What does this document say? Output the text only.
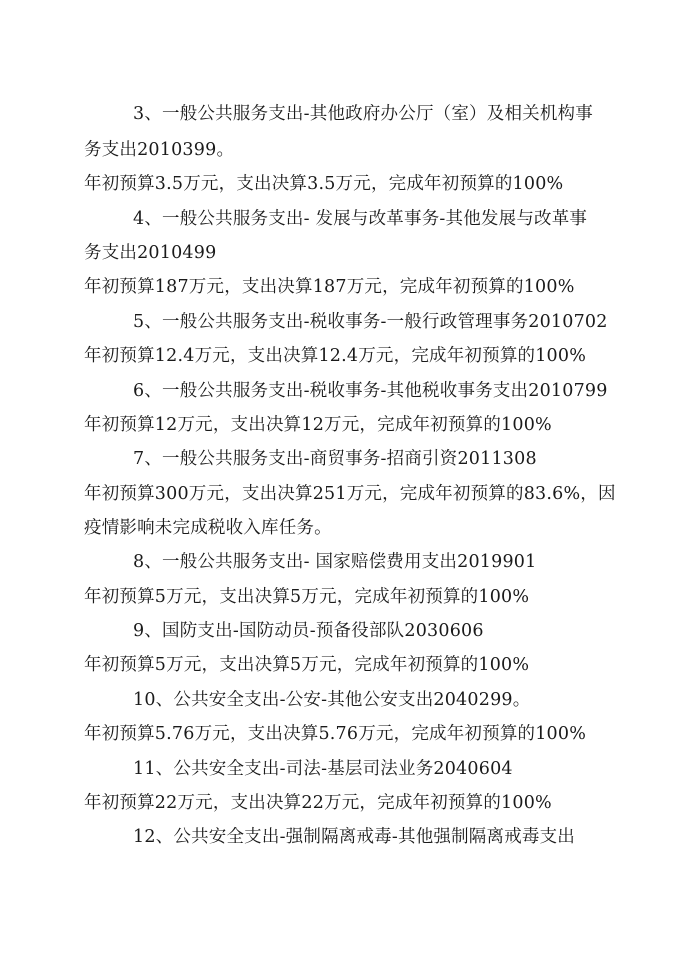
3、一般公共服务支出-其他政府办公厅（室）及相关机构事
务支出2010399。
年初预算3.5万元，支出决算3.5万元，完成年初预算的100%
4、一般公共服务支出- 发展与改革事务-其他发展与改革事
务支出2010499
年初预算187万元，支出决算187万元，完成年初预算的100%
5、一般公共服务支出-税收事务-一般行政管理事务2010702
年初预算12.4万元，支出决算12.4万元，完成年初预算的100%
6、一般公共服务支出-税收事务-其他税收事务支出2010799
年初预算12万元，支出决算12万元，完成年初预算的100%
7、一般公共服务支出-商贸事务-招商引资2011308
年初预算300万元，支出决算251万元，完成年初预算的83.6%，因
疫情影响未完成税收入库任务。
8、一般公共服务支出- 国家赔偿费用支出2019901
年初预算5万元，支出决算5万元，完成年初预算的100%
9、国防支出-国防动员-预备役部队2030606
年初预算5万元，支出决算5万元，完成年初预算的100%
10、公共安全支出-公安-其他公安支出2040299。
年初预算5.76万元，支出决算5.76万元，完成年初预算的100%
11、公共安全支出-司法-基层司法业务2040604
年初预算22万元，支出决算22万元，完成年初预算的100%
12、公共安全支出-强制隔离戒毒-其他强制隔离戒毒支出
